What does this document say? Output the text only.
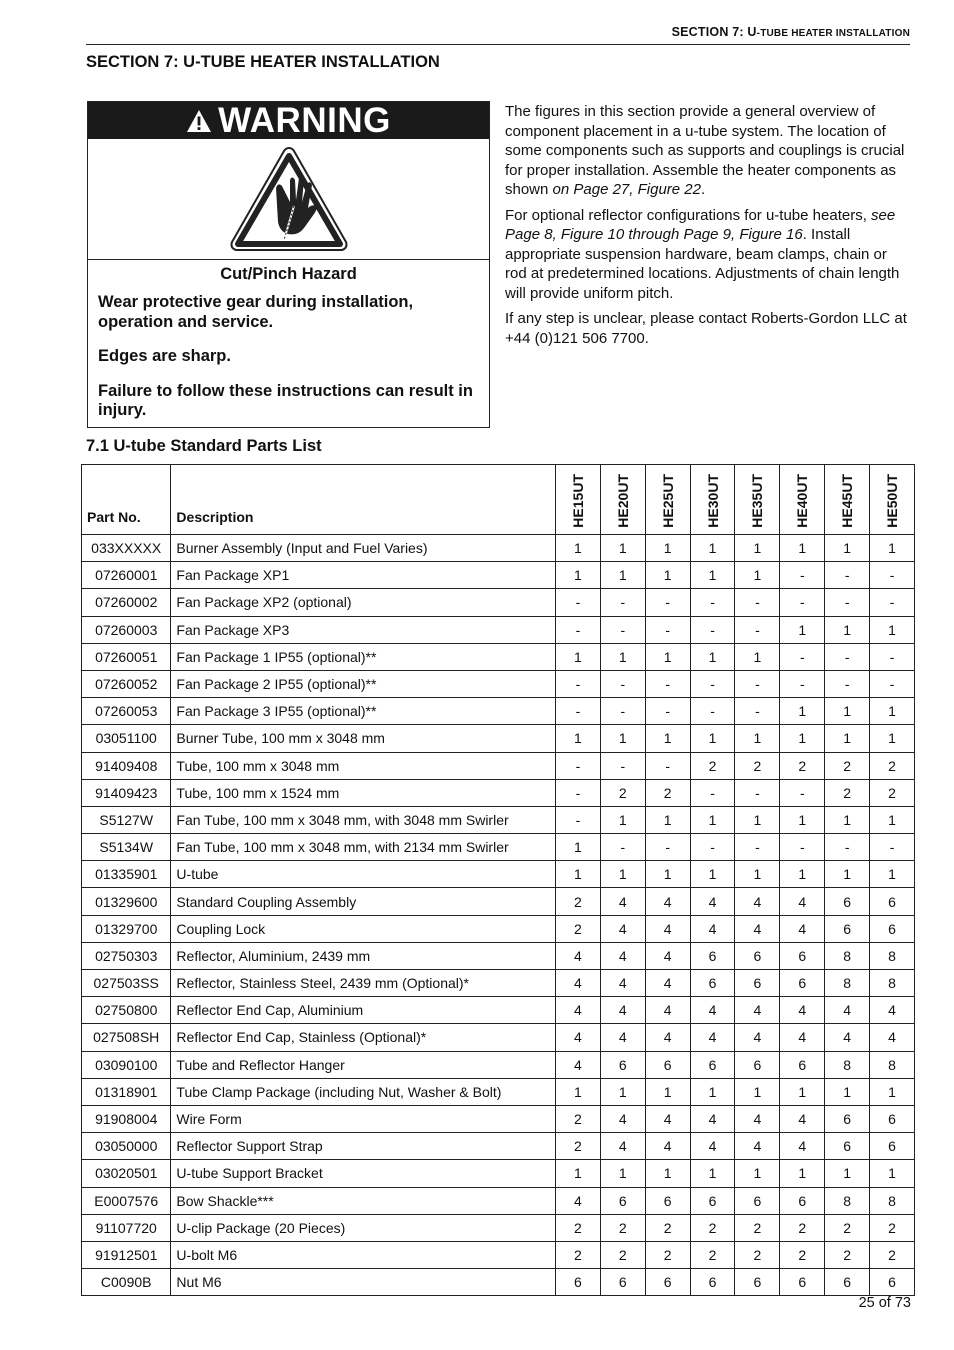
SECTION 7: U-TUBE HEATER INSTALLATION
SECTION 7: U-TUBE HEATER INSTALLATION
WARNING
Cut/Pinch Hazard
Wear protective gear during installation, operation and service.
Edges are sharp.
Failure to follow these instructions can result in injury.

The figures in this section provide a general overview of component placement in a u-tube system. The location of some components such as supports and couplings is crucial for proper installation. Assemble the heater components as shown on Page 27, Figure 22.

For optional reflector configurations for u-tube heaters, see Page 8, Figure 10 through Page 9, Figure 16. Install appropriate suspension hardware, beam clamps, chain or rod at predetermined locations. Adjustments of chain length will provide uniform pitch.

If any step is unclear, please contact Roberts-Gordon LLC at +44 (0)121 506 7700.

7.1 U-tube Standard Parts List
Part No.	Description	HE15UT	HE20UT	HE25UT	HE30UT	HE35UT	HE40UT	HE45UT	HE50UT

033XXXXX	Burner Assembly (Input and Fuel Varies)	1	1	1	1	1	1	1	1
07260001	Fan Package XP1	1	1	1	1	1	-	-	-
07260002	Fan Package XP2 (optional)	-	-	-	-	-	-	-	-
07260003	Fan Package XP3	-	-	-	-	-	1	1	1
07260051	Fan Package 1 IP55 (optional)**	1	1	1	1	1	-	-	-
07260052	Fan Package 2 IP55 (optional)**	-	-	-	-	-	-	-	-
07260053	Fan Package 3 IP55 (optional)**	-	-	-	-	-	1	1	1
03051100	Burner Tube, 100 mm x 3048 mm	1	1	1	1	1	1	1	1
91409408	Tube, 100 mm x 3048 mm	-	-	-	2	2	2	2	2
91409423	Tube, 100 mm x 1524 mm	-	2	2	-	-	-	2	2
S5127W	Fan Tube, 100 mm x 3048 mm, with 3048 mm Swirler	-	1	1	1	1	1	1	1
S5134W	Fan Tube, 100 mm x 3048 mm, with 2134 mm Swirler	1	-	-	-	-	-	-	-
01335901	U-tube	1	1	1	1	1	1	1	1
01329600	Standard Coupling Assembly	2	4	4	4	4	4	6	6
01329700	Coupling Lock	2	4	4	4	4	4	6	6
02750303	Reflector, Aluminium, 2439 mm	4	4	4	6	6	6	8	8
027503SS	Reflector, Stainless Steel, 2439 mm (Optional)*	4	4	4	6	6	6	8	8
02750800	Reflector End Cap, Aluminium	4	4	4	4	4	4	4	4
027508SH	Reflector End Cap, Stainless (Optional)*	4	4	4	4	4	4	4	4
03090100	Tube and Reflector Hanger	4	6	6	6	6	6	8	8
01318901	Tube Clamp Package (including Nut, Washer & Bolt)	1	1	1	1	1	1	1	1
91908004	Wire Form	2	4	4	4	4	4	6	6
03050000	Reflector Support Strap	2	4	4	4	4	4	6	6
03020501	U-tube Support Bracket	1	1	1	1	1	1	1	1
E0007576	Bow Shackle***	4	6	6	6	6	6	8	8
91107720	U-clip Package (20 Pieces)	2	2	2	2	2	2	2	2
91912501	U-bolt M6	2	2	2	2	2	2	2	2
C0090B	Nut M6	6	6	6	6	6	6	6	6
25 of 73
